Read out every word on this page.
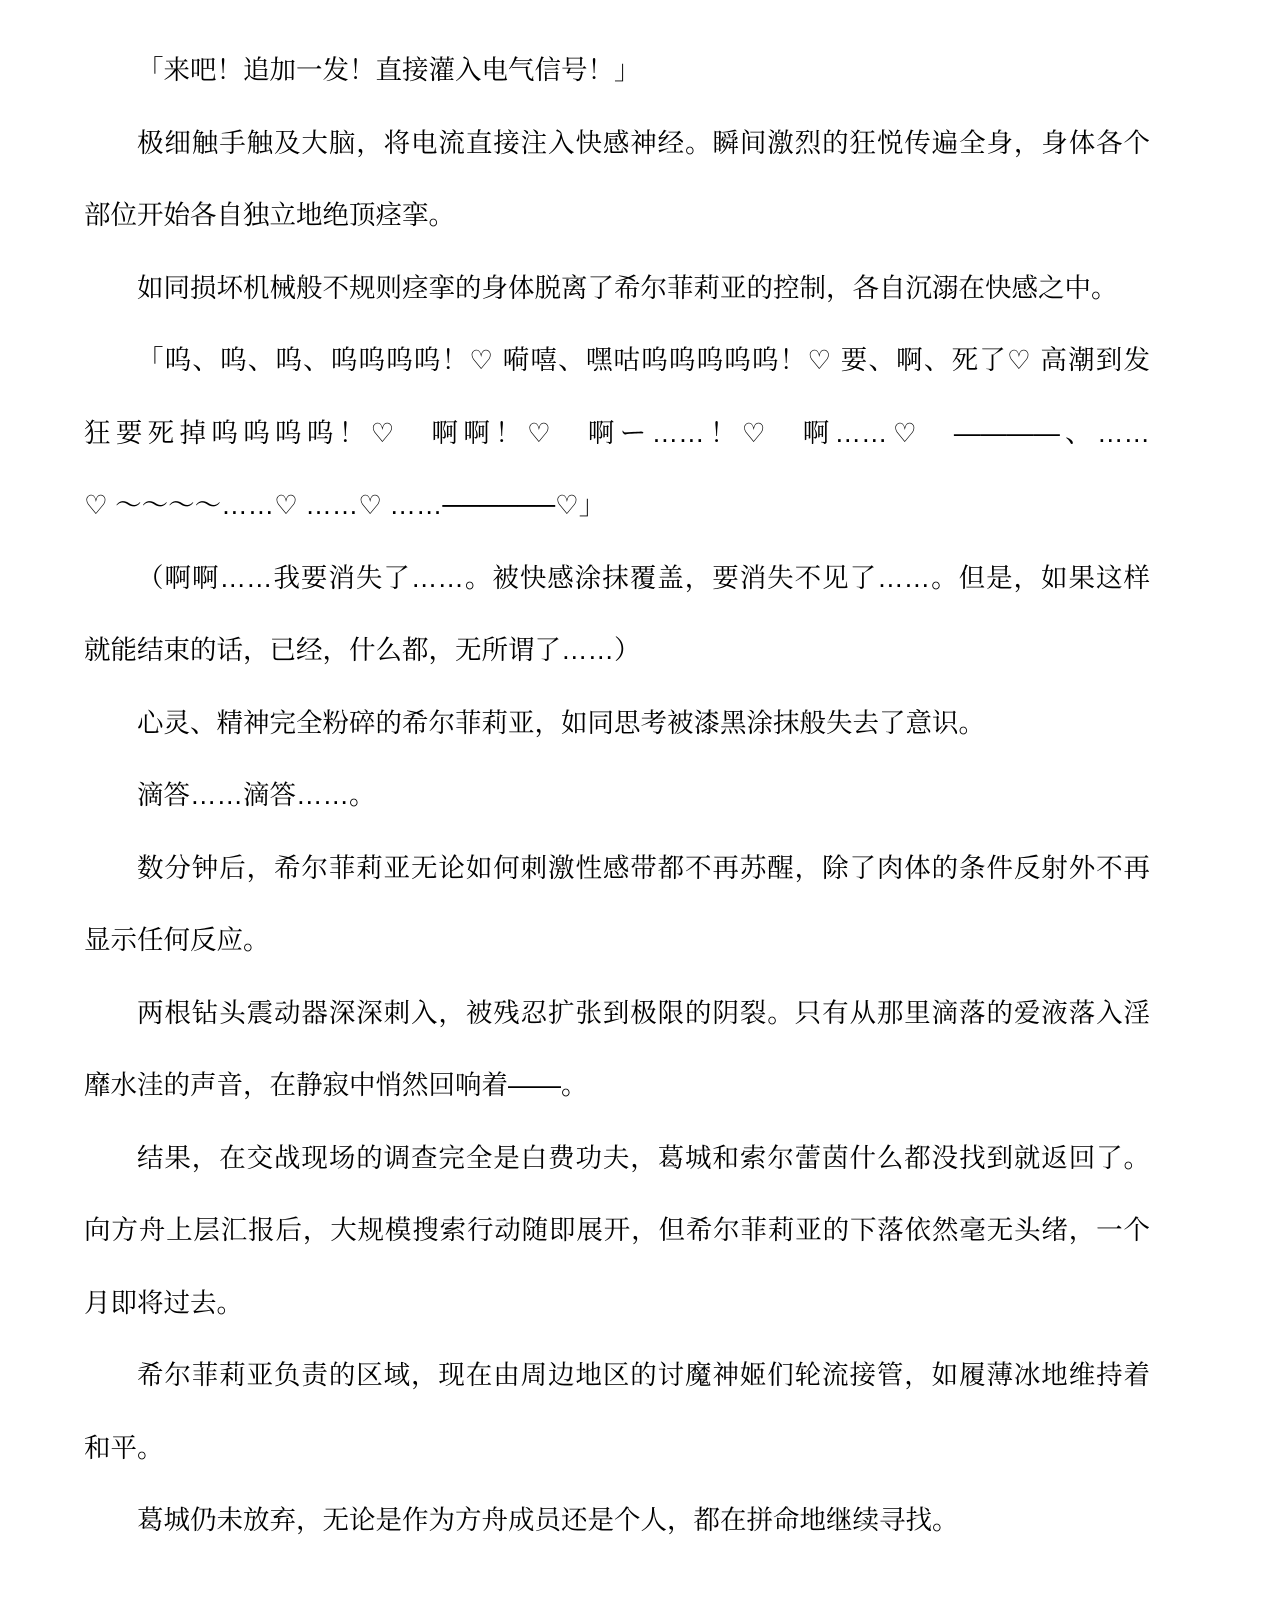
「来吧！追加一发！直接灌入电气信号！」
极细触手触及大脑，将电流直接注入快感神经。瞬间激烈的狂悦传遍全身，身体各个
部位开始各自独立地绝顶痉挛。
如同损坏机械般不规则痉挛的身体脱离了希尔菲莉亚的控制，各自沉溺在快感之中。
「呜、呜、呜、呜呜呜呜！♡ 嗬嘻、嘿咕呜呜呜呜呜！♡ 要、啊、死了♡ 高潮到发
狂要死掉呜呜呜呜！♡　啊啊！♡　啊ー……！♡　啊……♡　――――、……
♡ ～～～～……♡ ……♡ ……──────♡」
（啊啊……我要消失了……。被快感涂抹覆盖，要消失不见了……。但是，如果这样
就能结束的话，已经，什么都，无所谓了……）
心灵、精神完全粉碎的希尔菲莉亚，如同思考被漆黑涂抹般失去了意识。
滴答……滴答……。
数分钟后，希尔菲莉亚无论如何刺激性感带都不再苏醒，除了肉体的条件反射外不再
显示任何反应。
两根钻头震动器深深刺入，被残忍扩张到极限的阴裂。只有从那里滴落的爱液落入淫
靡水洼的声音，在静寂中悄然回响着——。
结果，在交战现场的调查完全是白费功夫，葛城和索尔蕾茵什么都没找到就返回了。
向方舟上层汇报后，大规模搜索行动随即展开，但希尔菲莉亚的下落依然毫无头绪，一个
月即将过去。
希尔菲莉亚负责的区域，现在由周边地区的讨魔神姬们轮流接管，如履薄冰地维持着
和平。
葛城仍未放弃，无论是作为方舟成员还是个人，都在拼命地继续寻找。
